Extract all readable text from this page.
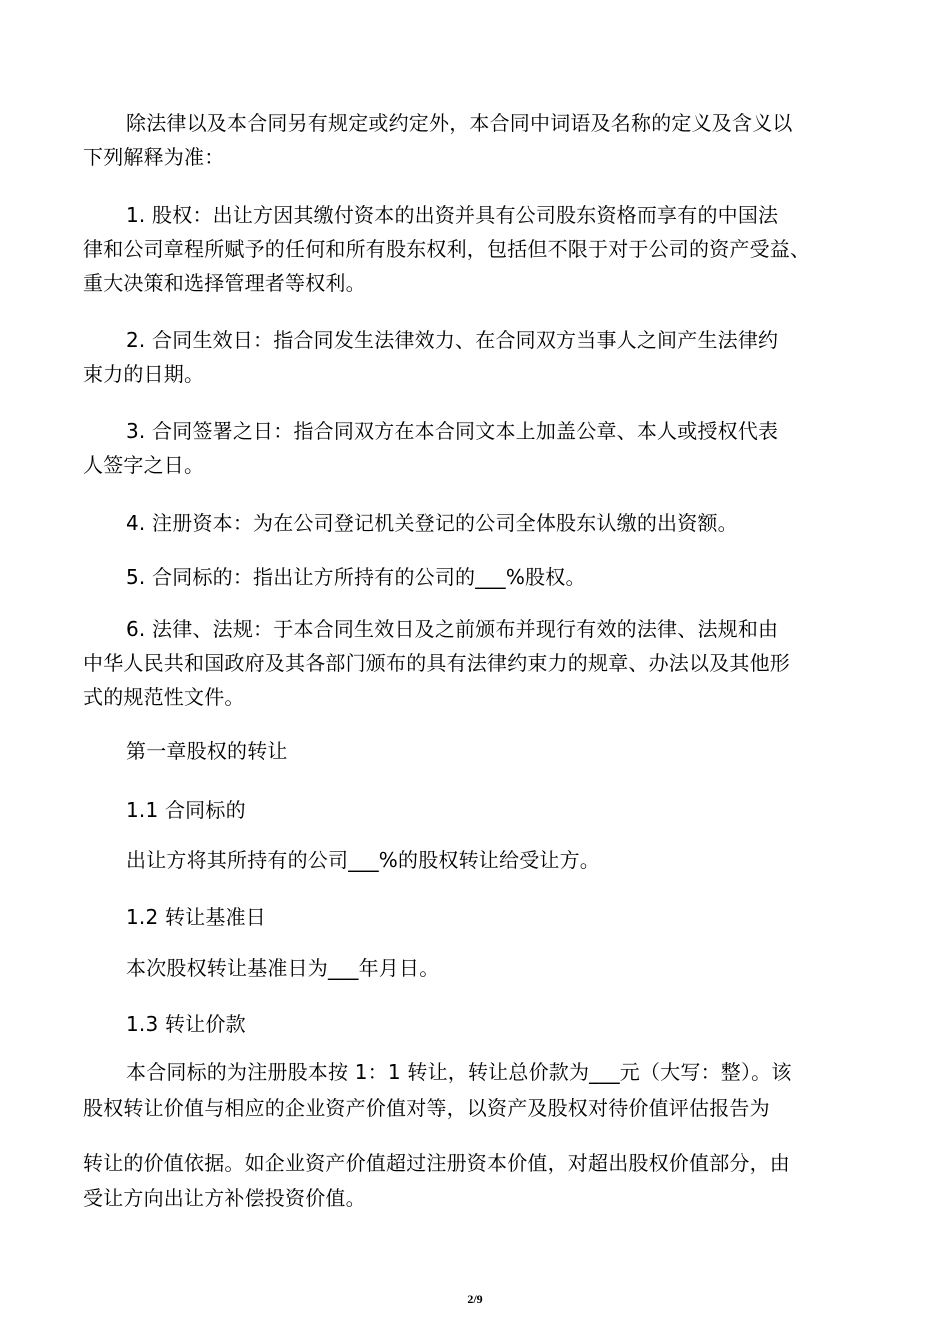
除法律以及本合同另有规定或约定外，本合同中词语及名称的定义及含义以
下列解释为准：
1. 股权：出让方因其缴付资本的出资并具有公司股东资格而享有的中国法
律和公司章程所赋予的任何和所有股东权利，包括但不限于对于公司的资产受益、
重大决策和选择管理者等权利。
2. 合同生效日：指合同发生法律效力、在合同双方当事人之间产生法律约
束力的日期。
3. 合同签署之日：指合同双方在本合同文本上加盖公章、本人或授权代表
人签字之日。
4. 注册资本：为在公司登记机关登记的公司全体股东认缴的出资额。
5. 合同标的：指出让方所持有的公司的___%股权。
6. 法律、法规：于本合同生效日及之前颁布并现行有效的法律、法规和由
中华人民共和国政府及其各部门颁布的具有法律约束力的规章、办法以及其他形
式的规范性文件。
第一章股权的转让
1.1 合同标的
出让方将其所持有的公司___%的股权转让给受让方。
1.2 转让基准日
本次股权转让基准日为___年月日。
1.3 转让价款
本合同标的为注册股本按 1：1 转让，转让总价款为___元（大写：整）。该
股权转让价值与相应的企业资产价值对等，以资产及股权对待价值评估报告为
转让的价值依据。如企业资产价值超过注册资本价值，对超出股权价值部分，由
受让方向出让方补偿投资价值。
2/9
